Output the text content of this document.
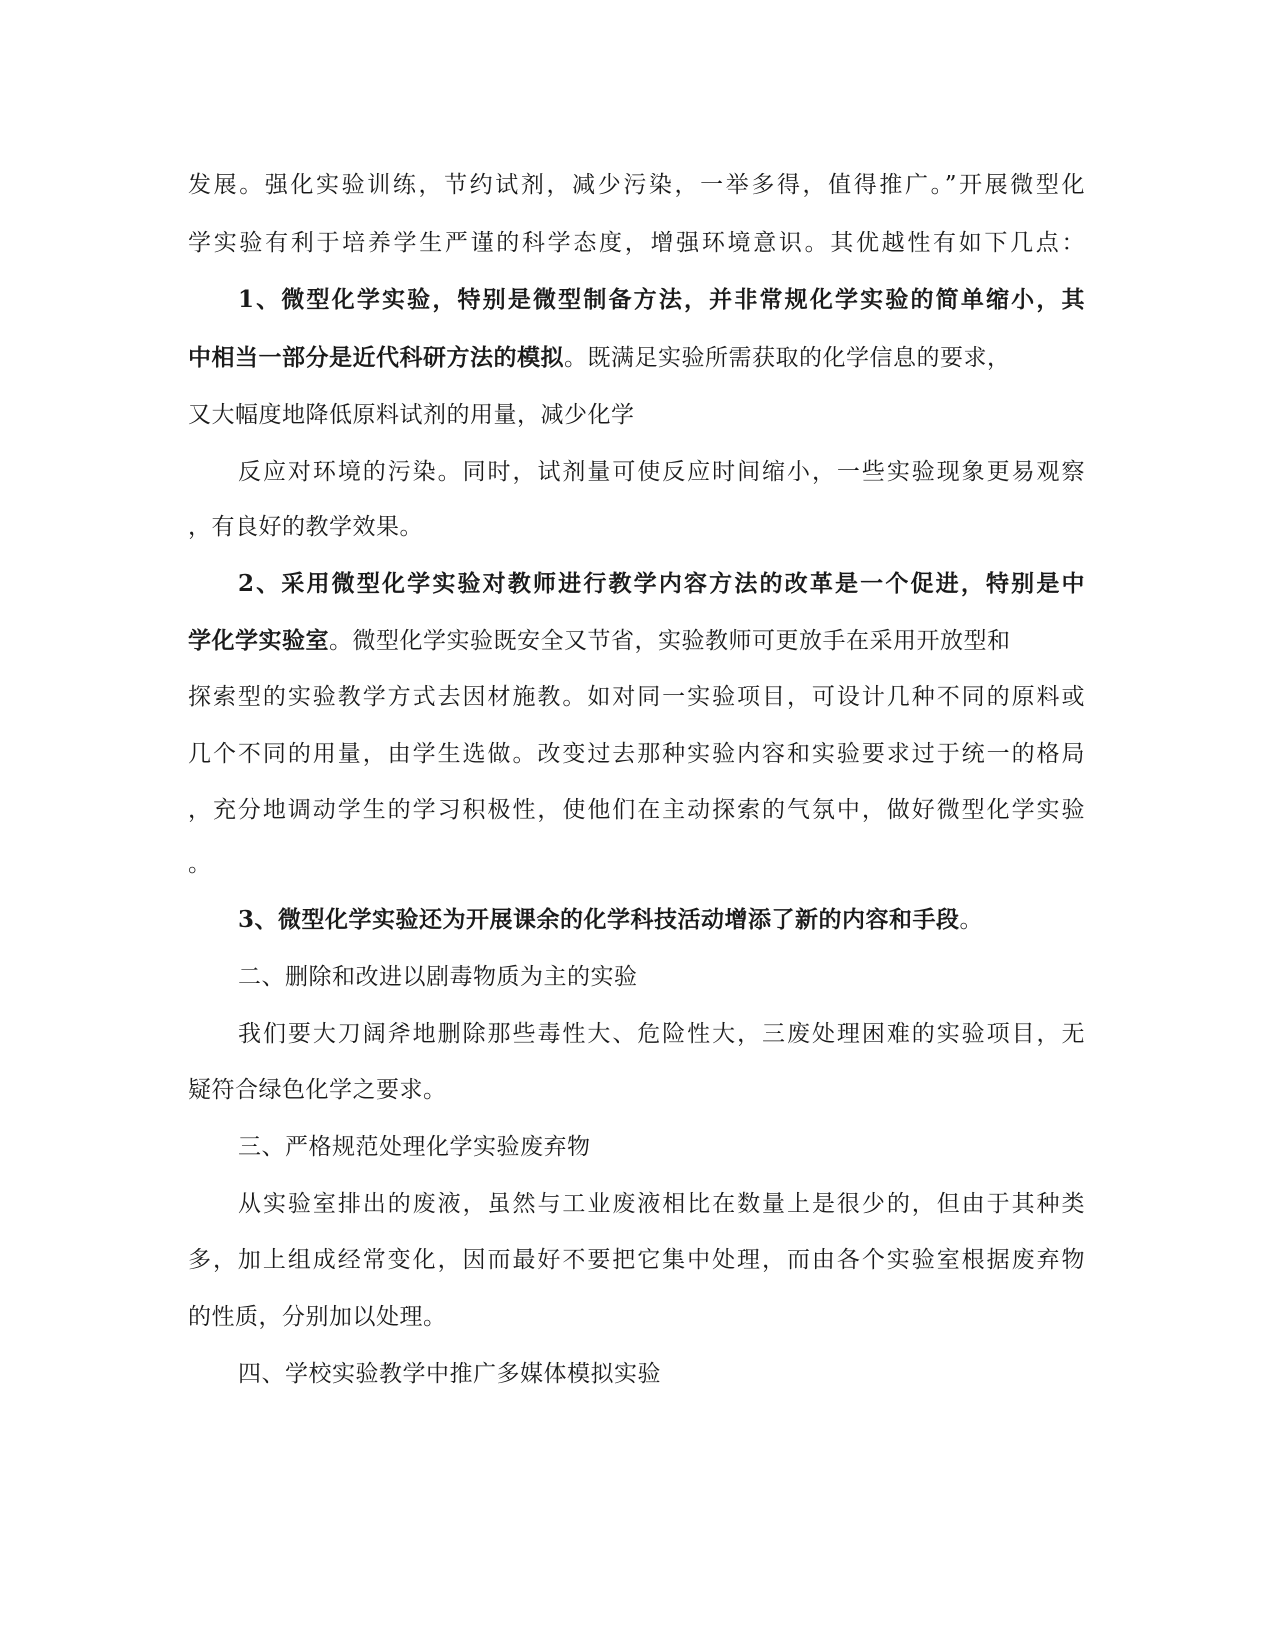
发展。强化实验训练，节约试剂，减少污染，一举多得，值得推广。”开展微型化
学实验有利于培养学生严谨的科学态度，增强环境意识。其优越性有如下几点：
1、微型化学实验，特别是微型制备方法，并非常规化学实验的简单缩小，其
中相当一部分是近代科研方法的模拟。既满足实验所需获取的化学信息的要求，
又大幅度地降低原料试剂的用量，减少化学
反应对环境的污染。同时，试剂量可使反应时间缩小，一些实验现象更易观察
，有良好的教学效果。
2、采用微型化学实验对教师进行教学内容方法的改革是一个促进，特别是中
学化学实验室。微型化学实验既安全又节省，实验教师可更放手在采用开放型和
探索型的实验教学方式去因材施教。如对同一实验项目，可设计几种不同的原料或
几个不同的用量，由学生选做。改变过去那种实验内容和实验要求过于统一的格局
，充分地调动学生的学习积极性，使他们在主动探索的气氛中，做好微型化学实验
。
3、微型化学实验还为开展课余的化学科技活动增添了新的内容和手段。
二、删除和改进以剧毒物质为主的实验
我们要大刀阔斧地删除那些毒性大、危险性大，三废处理困难的实验项目，无
疑符合绿色化学之要求。
三、严格规范处理化学实验废弃物
从实验室排出的废液，虽然与工业废液相比在数量上是很少的，但由于其种类
多，加上组成经常变化，因而最好不要把它集中处理，而由各个实验室根据废弃物
的性质，分别加以处理。
四、学校实验教学中推广多媒体模拟实验
